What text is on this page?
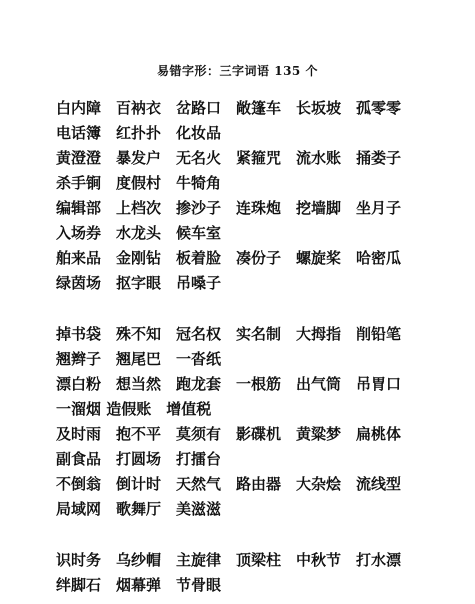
易错字形：三字词语 135 个
白内障　百衲衣　岔路口　敞篷车　长坂坡　孤零零
电话簿　红扑扑　化妆品
黄澄澄　暴发户　无名火　紧箍咒　流水账　捅娄子
杀手锏　度假村　牛犄角
编辑部　上档次　掺沙子　连珠炮　挖墙脚　坐月子
入场券　水龙头　候车室
舶来品　金刚钻　板着脸　凑份子　螺旋桨　哈密瓜
绿茵场　抠字眼　吊嗓子
掉书袋　殊不知　冠名权　实名制　大拇指　削铅笔
翘辫子　翘尾巴　一沓纸
漂白粉　想当然　跑龙套　一根筋　出气筒　吊胃口
一溜烟 造假账　增值税
及时雨　抱不平　莫须有　影碟机　黄粱梦　扁桃体
副食品　打圆场　打擂台
不倒翁　倒计时　天然气　路由器　大杂烩　流线型
局域网　歌舞厅　美滋滋
识时务　乌纱帽　主旋律　顶梁柱　中秋节　打水漂
绊脚石　烟幕弹　节骨眼
